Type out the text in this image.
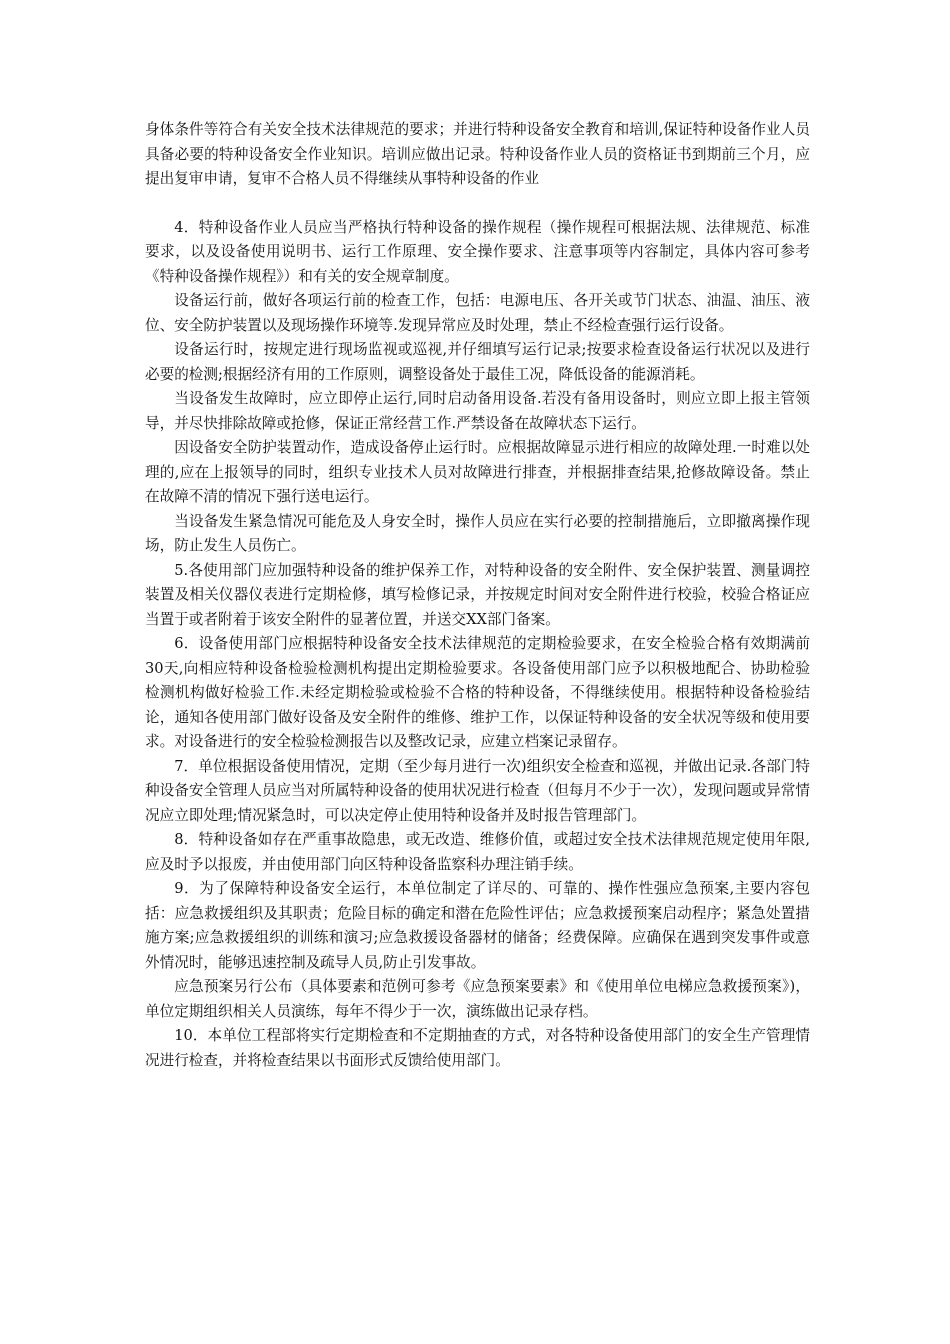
身体条件等符合有关安全技术法律规范的要求；并进行特种设备安全教育和培训,保证特种设备作业人员具备必要的特种设备安全作业知识。培训应做出记录。特种设备作业人员的资格证书到期前三个月，应提出复审申请，复审不合格人员不得继续从事特种设备的作业

4．特种设备作业人员应当严格执行特种设备的操作规程（操作规程可根据法规、法律规范、标准要求，以及设备使用说明书、运行工作原理、安全操作要求、注意事项等内容制定，具体内容可参考《特种设备操作规程》）和有关的安全规章制度。

设备运行前，做好各项运行前的检查工作，包括：电源电压、各开关或节门状态、油温、油压、液位、安全防护装置以及现场操作环境等.发现异常应及时处理，禁止不经检查强行运行设备。

设备运行时，按规定进行现场监视或巡视,并仔细填写运行记录;按要求检查设备运行状况以及进行必要的检测;根据经济有用的工作原则，调整设备处于最佳工况，降低设备的能源消耗。

当设备发生故障时，应立即停止运行,同时启动备用设备.若没有备用设备时，则应立即上报主管领导，并尽快排除故障或抢修，保证正常经营工作.严禁设备在故障状态下运行。

因设备安全防护装置动作，造成设备停止运行时。应根据故障显示进行相应的故障处理.一时难以处理的,应在上报领导的同时，组织专业技术人员对故障进行排查，并根据排查结果,抢修故障设备。禁止在故障不清的情况下强行送电运行。

当设备发生紧急情况可能危及人身安全时，操作人员应在实行必要的控制措施后，立即撤离操作现场，防止发生人员伤亡。

5.各使用部门应加强特种设备的维护保养工作，对特种设备的安全附件、安全保护装置、测量调控装置及相关仪器仪表进行定期检修，填写检修记录，并按规定时间对安全附件进行校验，校验合格证应当置于或者附着于该安全附件的显著位置，并送交XX部门备案。

6．设备使用部门应根据特种设备安全技术法律规范的定期检验要求，在安全检验合格有效期满前30天,向相应特种设备检验检测机构提出定期检验要求。各设备使用部门应予以积极地配合、协助检验检测机构做好检验工作.未经定期检验或检验不合格的特种设备，不得继续使用。根据特种设备检验结论，通知各使用部门做好设备及安全附件的维修、维护工作，以保证特种设备的安全状况等级和使用要求。对设备进行的安全检验检测报告以及整改记录，应建立档案记录留存。

7．单位根据设备使用情况，定期（至少每月进行一次)组织安全检查和巡视，并做出记录.各部门特种设备安全管理人员应当对所属特种设备的使用状况进行检查（但每月不少于一次），发现问题或异常情况应立即处理;情况紧急时，可以决定停止使用特种设备并及时报告管理部门。

8．特种设备如存在严重事故隐患，或无改造、维修价值，或超过安全技术法律规范规定使用年限,应及时予以报废，并由使用部门向区特种设备监察科办理注销手续。

9．为了保障特种设备安全运行，本单位制定了详尽的、可靠的、操作性强应急预案,主要内容包括：应急救援组织及其职责；危险目标的确定和潜在危险性评估；应急救援预案启动程序；紧急处置措施方案;应急救援组织的训练和演习;应急救援设备器材的储备；经费保障。应确保在遇到突发事件或意外情况时，能够迅速控制及疏导人员,防止引发事故。

应急预案另行公布（具体要素和范例可参考《应急预案要素》和《使用单位电梯应急救援预案》)，单位定期组织相关人员演练，每年不得少于一次，演练做出记录存档。

10．本单位工程部将实行定期检查和不定期抽查的方式，对各特种设备使用部门的安全生产管理情况进行检查，并将检查结果以书面形式反馈给使用部门。
